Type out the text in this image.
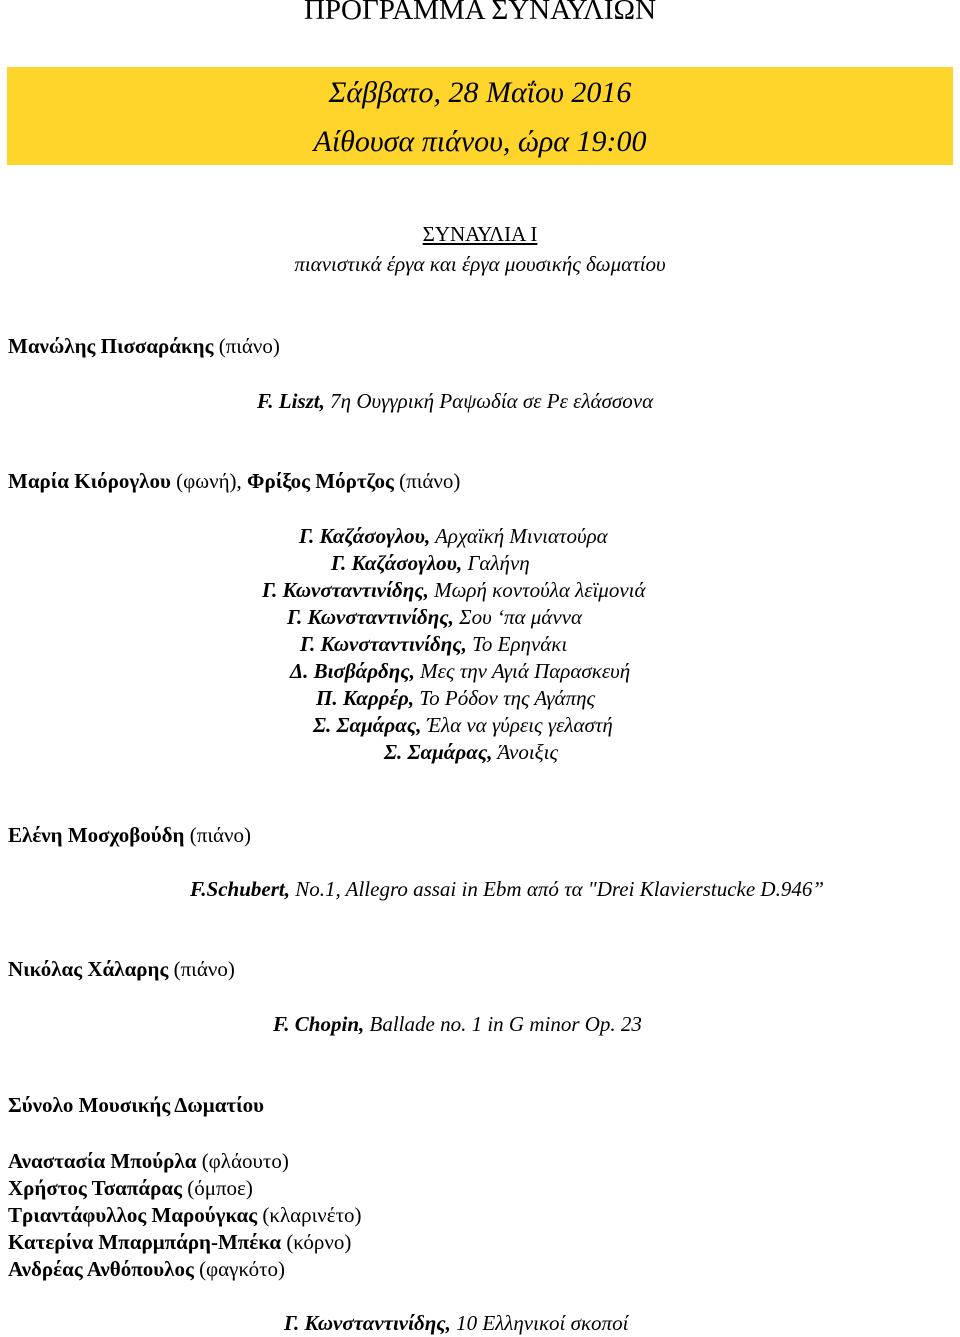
ΠΡΟΓΡΑΜΜΑ ΣΥΝΑΥΛΙΩΝ
Σάββατο, 28 Μαΐου 2016
Αίθουσα πιάνου, ώρα 19:00
ΣΥΝΑΥΛΙΑ Ι
πιανιστικά έργα και έργα μουσικής δωματίου
Μανώλης Πισσαράκης (πιάνο)
F. Liszt, 7η Ουγγρική Ραψωδία σε Ρε ελάσσονα
Μαρία Κιόρογλου (φωνή), Φρίξος Μόρτζος (πιάνο)
Γ. Καζάσογλου, Αρχαϊκή Μινιατούρα
Γ. Καζάσογλου, Γαλήνη
Γ. Κωνσταντινίδης, Μωρή κοντούλα λεϊμονιά
Γ. Κωνσταντινίδης, Σου ‘πα μάννα
Γ. Κωνσταντινίδης, Το Ερηνάκι
Δ. Βισβάρδης, Μες την Αγιά Παρασκευή
Π. Καρρέρ, Το Ρόδον της Αγάπης
Σ. Σαμάρας, Έλα να γύρεις γελαστή
Σ. Σαμάρας, Άνοιξις
Ελένη Μοσχοβούδη (πιάνο)
F.Schubert, No.1, Allegro assai in Ebm από τα "Drei Klavierstucke D.946”
Νικόλας Χάλαρης (πιάνο)
F. Chopin, Ballade no. 1 in G minor Op. 23
Σύνολο Μουσικής Δωματίου
Αναστασία Μπούρλα (φλάουτο)
Χρήστος Τσαπάρας (όμποε)
Τριαντάφυλλος Μαρούγκας (κλαρινέτο)
Κατερίνα Μπαρμπάρη-Μπέκα (κόρνο)
Ανδρέας Ανθόπουλος (φαγκότο)
Γ. Κωνσταντινίδης, 10 Ελληνικοί σκοποί
